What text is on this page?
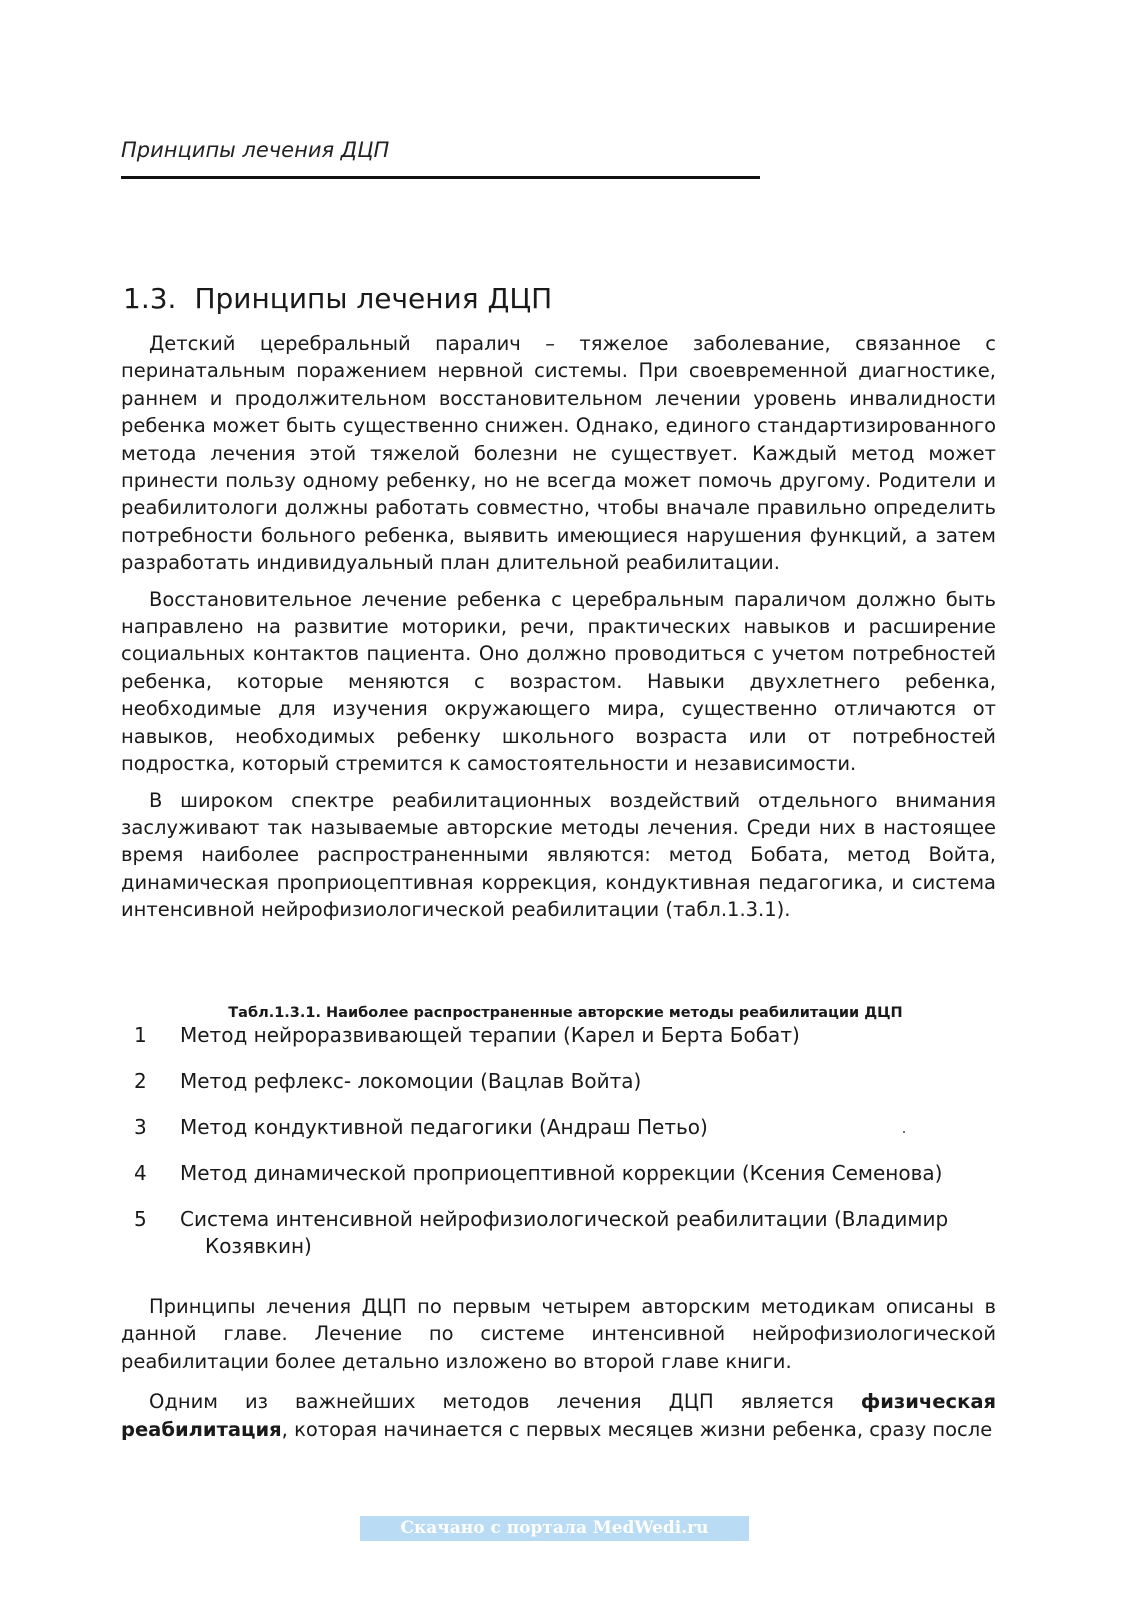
Принципы лечения ДЦП
1.3. Принципы лечения ДЦП

Детский церебральный паралич – тяжелое заболевание, связанное с перинатальным поражением нервной системы. При своевременной диагностике, раннем и продолжительном восстановительном лечении уровень инвалидности ребенка может быть существенно снижен. Однако, единого стандартизированного метода лечения этой тяжелой болезни не существует. Каждый метод может принести пользу одному ребенку, но не всегда может помочь другому. Родители и реабилитологи должны работать совместно, чтобы вначале правильно определить потребности больного ребенка, выявить имеющиеся нарушения функций, а затем разработать индивидуальный план длительной реабилитации.

Восстановительное лечение ребенка с церебральным параличом должно быть направлено на развитие моторики, речи, практических навыков и расширение социальных контактов пациента. Оно должно проводиться с учетом потребностей ребенка, которые меняются с возрастом. Навыки двухлетнего ребенка, необходимые для изучения окружающего мира, существенно отличаются от навыков, необходимых ребенку школьного возраста или от потребностей подростка, который стремится к самостоятельности и независимости.

В широком спектре реабилитационных воздействий отдельного внимания заслуживают так называемые авторские методы лечения. Среди них в настоящее время наиболее распространенными являются: метод Бобата, метод Войта, динамическая проприоцептивная коррекция, кондуктивная педагогика, и система интенсивной нейрофизиологической реабилитации (табл.1.3.1).

Табл.1.3.1. Наиболее распространенные авторские методы реабилитации ДЦП
1	Метод нейроразвивающей терапии (Карел и Берта Бобат)
2	Метод рефлекс- локомоции (Вацлав Войта)
3	Метод кондуктивной педагогики (Андраш Петьо)
4	Метод динамической проприоцептивной коррекции (Ксения Семенова)
5	Система интенсивной нейрофизиологической реабилитации (Владимир
Козявкин)

Принципы лечения ДЦП по первым четырем авторским методикам описаны в данной главе. Лечение по системе интенсивной нейрофизиологической реабилитации более детально изложено во второй главе книги.

Одним из важнейших методов лечения ДЦП является физическая реабилитация, которая начинается с первых месяцев жизни ребенка, сразу после

Скачано с портала MedWedi.ru
